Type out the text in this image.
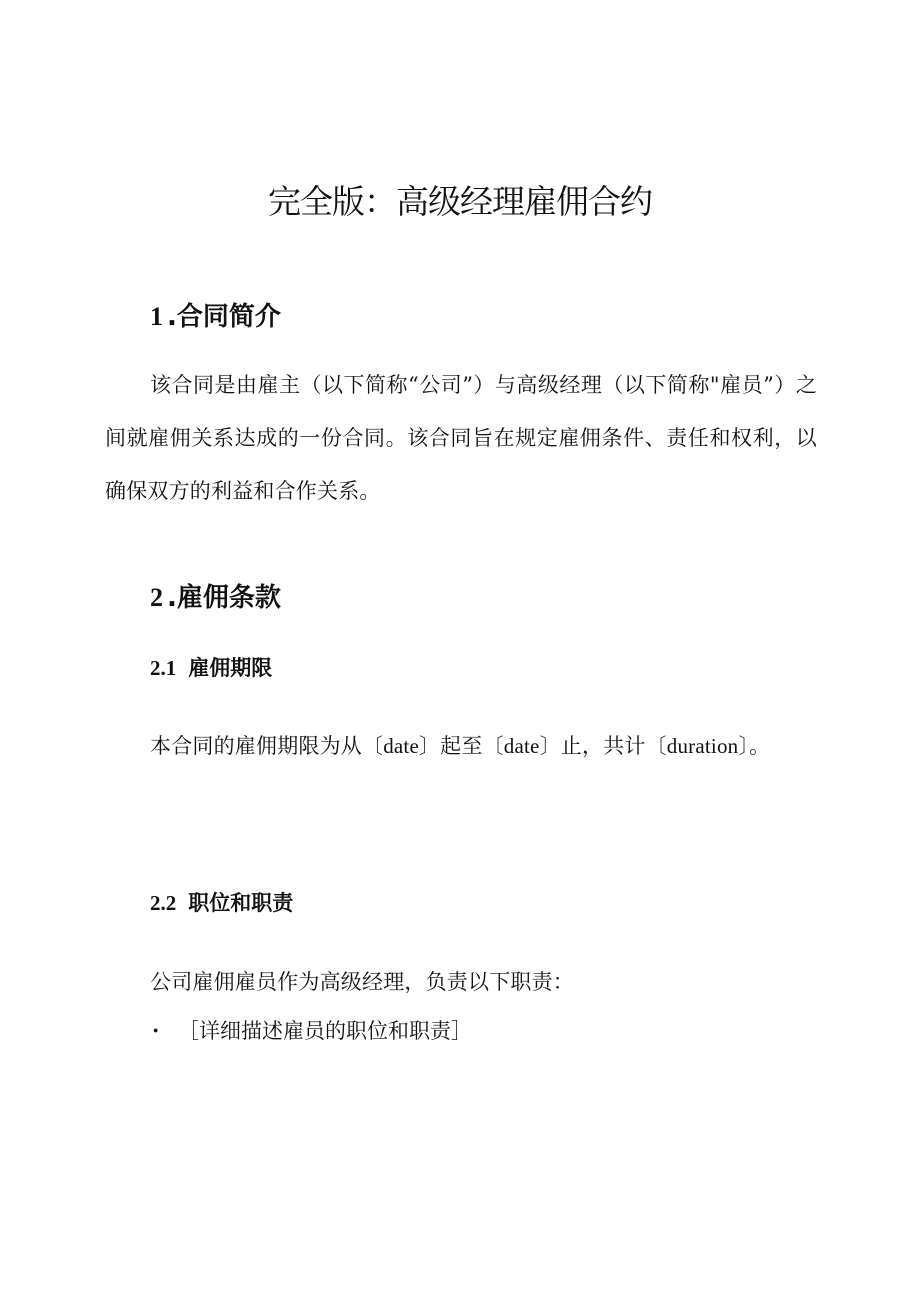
完全版：高级经理雇佣合约
1 .合同简介

该合同是由雇主（以下简称“公司”）与高级经理（以下简称"雇员”）之间就雇佣关系达成的一份合同。该合同旨在规定雇佣条件、责任和权利，以确保双方的利益和合作关系。

2 .雇佣条款
2.1 雇佣期限

本合同的雇佣期限为从〔date〕起至〔date〕止，共计〔duration〕。

2.2 职位和职责

公司雇佣雇员作为高级经理，负责以下职责：

· ［详细描述雇员的职位和职责］
